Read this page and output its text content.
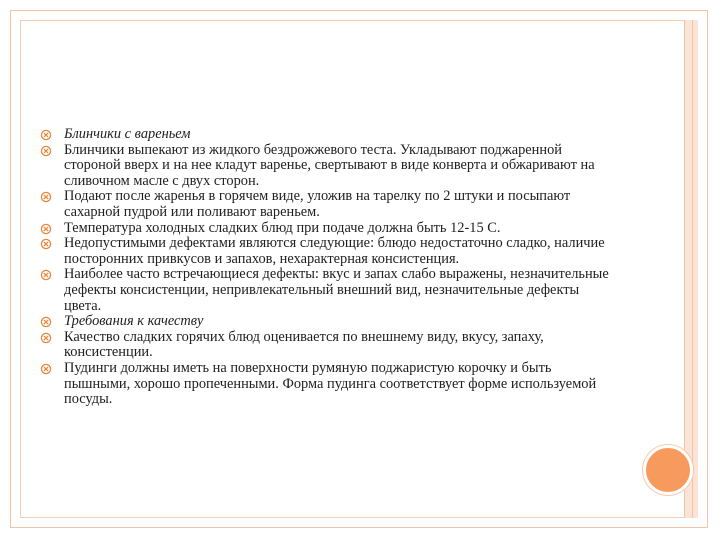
Блинчики с вареньем
Блинчики выпекают из жидкого бездрожжевого теста. Укладывают поджаренной стороной вверх и на нее кладут варенье, свертывают в виде конверта и обжаривают на сливочном масле с двух сторон.
Подают после жаренья в горячем виде, уложив на тарелку по 2 штуки и посыпают сахарной пудрой или поливают вареньем.
Температура холодных сладких блюд при подаче должна быть 12-15 С.
Недопустимыми дефектами являются следующие: блюдо недостаточно сладко, наличие посторонних привкусов и запахов, нехарактерная консистенция.
Наиболее часто встречающиеся дефекты: вкус и запах слабо выражены, незначительные дефекты консистенции, непривлекательный внешний вид, незначительные дефекты цвета.
Требования к качеству
Качество сладких горячих блюд оценивается по внешнему виду, вкусу, запаху, консистенции.
Пудинги должны иметь на поверхности румяную поджаристую корочку и быть пышными, хорошо пропеченными. Форма пудинга соответствует форме используемой посуды.
